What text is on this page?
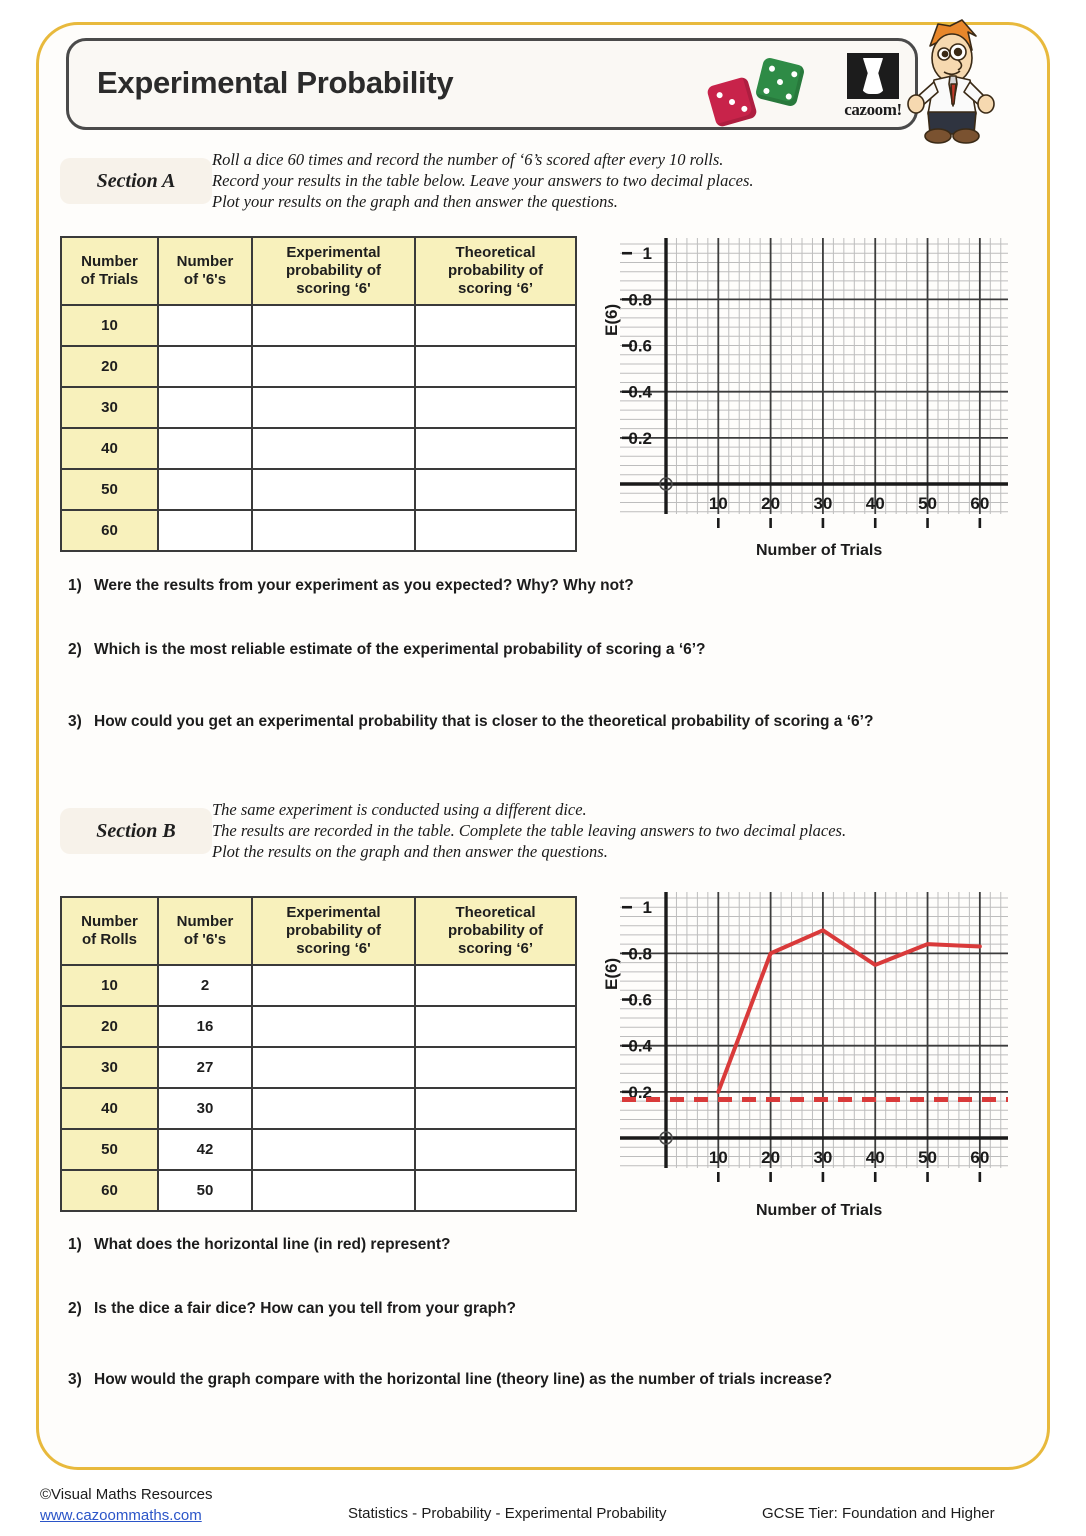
Experimental Probability
cazoom!
Section A
Roll a dice 60 times and record the number of ‘6’s scored after every 10 rolls.
Record your results in the table below. Leave your answers to two decimal places.
Plot your results on the graph and then answer the questions.
Number
of Trials	Number
of '6's	Experimental
probability of
scoring ‘6'	Theoretical
probability of
scoring ‘6’
10			
20			
30			
40			
50			
60			
E(6)
0.2
0.4
0.6
0.8
1
10 20 30 40 50 60
Number of Trials
1) Were the results from your experiment as you expected? Why? Why not?
2) Which is the most reliable estimate of the experimental probability of scoring a ‘6’?
3) How could you get an experimental probability that is closer to the theoretical probability of scoring a ‘6’?
Section B
The same experiment is conducted using a different dice.
The results are recorded in the table. Complete the table leaving answers to two decimal places.
Plot the results on the graph and then answer the questions.
Number
of Rolls	Number
of '6's	Experimental
probability of
scoring ‘6'	Theoretical
probability of
scoring ‘6’
10	2		
20	16		
30	27		
40	30		
50	42		
60	50		
E(6)
0.2
0.4
0.6
0.8
1
10 20 30 40 50 60
Number of Trials
1) What does the horizontal line (in red) represent?
2) Is the dice a fair dice? How can you tell from your graph?
3) How would the graph compare with the horizontal line (theory line) as the number of trials increase?
©Visual Maths Resources
www.cazoommaths.com	Statistics - Probability - Experimental Probability	GCSE Tier: Foundation and Higher
